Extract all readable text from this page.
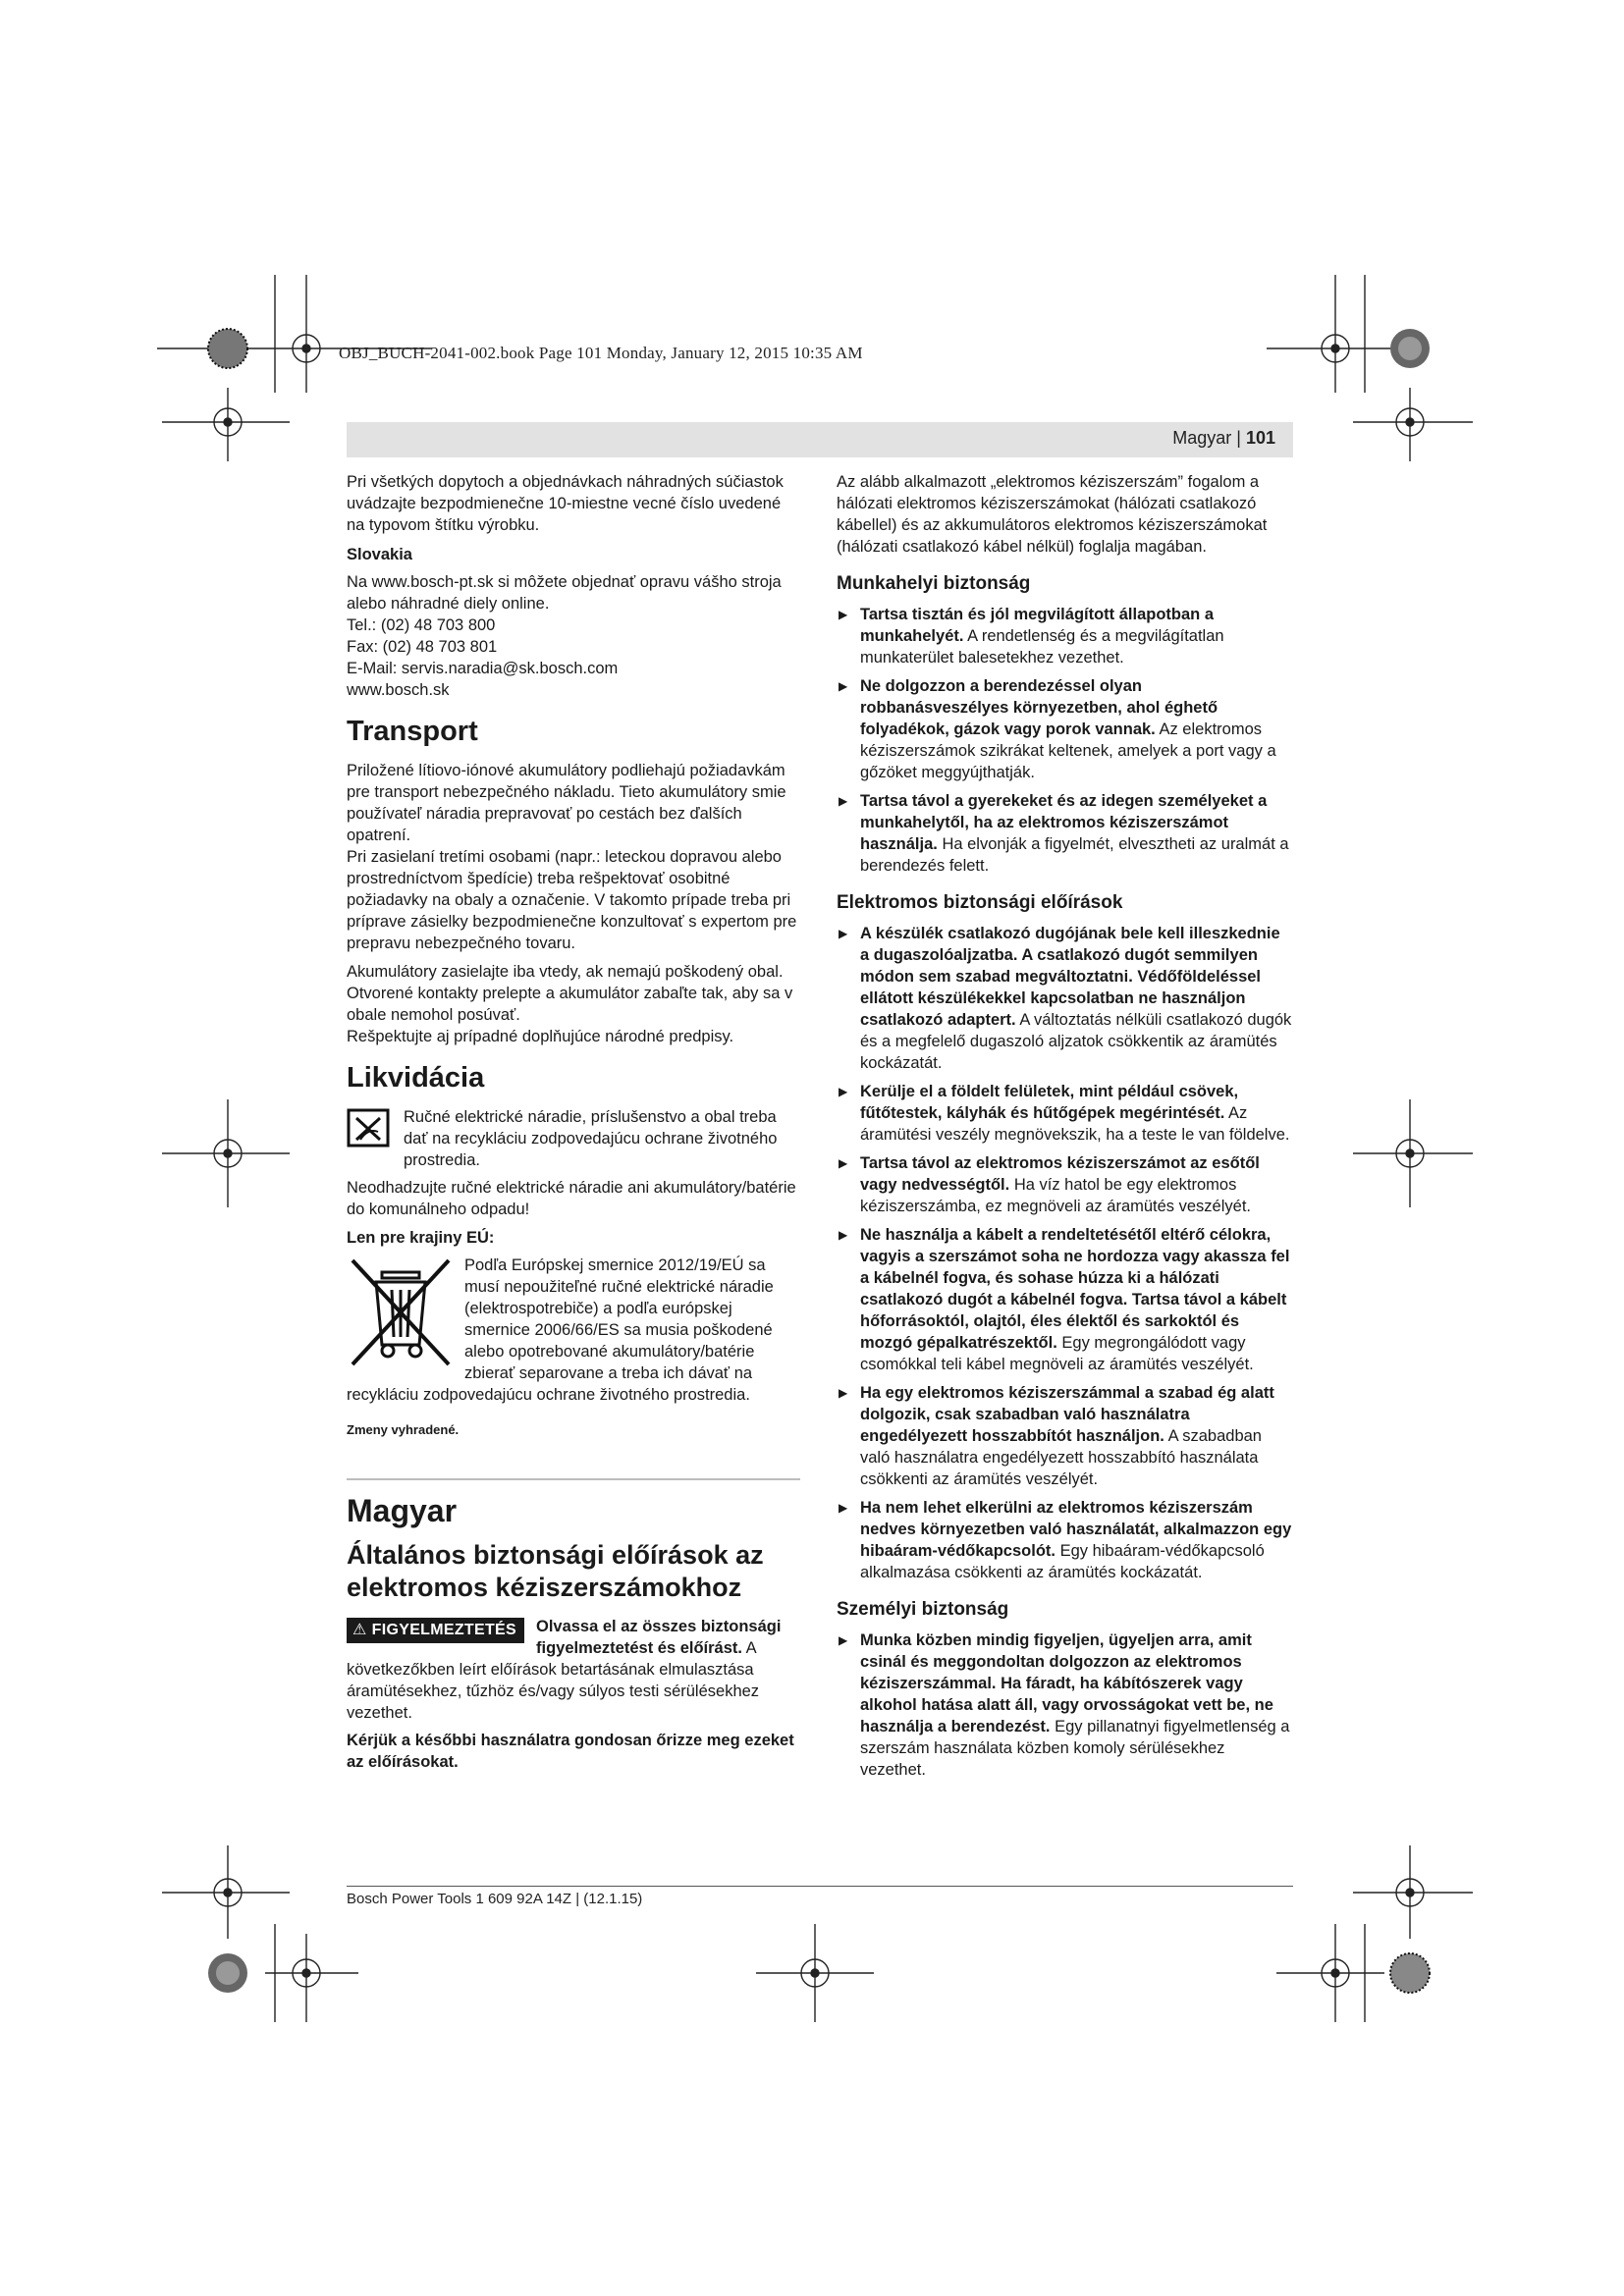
OBJ_BUCH-2041-002.book Page 101 Monday, January 12, 2015 10:35 AM
Magyar | 101

Pri všetkých dopytoch a objednávkach náhradných súčiastok uvádzajte bezpodmienečne 10-miestne vecné číslo uvedené na typovom štítku výrobku.

Slovakia
Na www.bosch-pt.sk si môžete objednať opravu vášho stroja alebo náhradné diely online.
Tel.: (02) 48 703 800
Fax: (02) 48 703 801
E-Mail: servis.naradia@sk.bosch.com
www.bosch.sk
Transport

Priložené lítiovo-iónové akumulátory podliehajú požiadavkám pre transport nebezpečného nákladu. Tieto akumulátory smie používateľ náradia prepravovať po cestách bez ďalších opatrení.

Pri zasielaní tretími osobami (napr.: leteckou dopravou alebo prostredníctvom špedície) treba rešpektovať osobitné požiadavky na obaly a označenie. V takomto prípade treba pri príprave zásielky bezpodmienečne konzultovať s expertom pre prepravu nebezpečného tovaru.

Akumulátory zasielajte iba vtedy, ak nemajú poškodený obal. Otvorené kontakty prelepte a akumulátor zabaľte tak, aby sa v obale nemohol posúvať.

Rešpektujte aj prípadné doplňujúce národné predpisy.

Likvidácia
Ručné elektrické náradie, príslušenstvo a obal treba dať na recykláciu zodpovedajúcu ochrane životného prostredia.

Neodhadzujte ručné elektrické náradie ani akumulátory/batérie do komunálneho odpadu!

Len pre krajiny EÚ:
Podľa Európskej smernice 2012/19/EÚ sa musí nepoužiteľné ručné elektrické náradie (elektrospotrebiče) a podľa európskej smernice 2006/66/ES sa musia poškodené alebo opotrebované akumulátory/batérie zbierať separovane a treba ich dávať na recykláciu zodpovedajúcu ochrane životného prostredia.
Zmeny vyhradené.
Magyar
Általános biztonsági előírások az elektromos kéziszerszámokhoz
⚠ FIGYELMEZTETÉS	Olvassa el az összes biztonsági figyelmeztetést és előírást. A következőkben leírt előírások betartásának elmulasztása áramütésekhez, tűzhöz és/vagy súlyos testi sérülésekhez vezethet.

Kérjük a későbbi használatra gondosan őrizze meg ezeket az előírásokat.

Az alább alkalmazott „elektromos kéziszerszám” fogalom a hálózati elektromos kéziszerszámokat (hálózati csatlakozó kábellel) és az akkumulátoros elektromos kéziszerszámokat (hálózati csatlakozó kábel nélkül) foglalja magában.

Munkahelyi biztonság
▶ Tartsa tisztán és jól megvilágított állapotban a munkahelyét. A rendetlenség és a megvilágítatlan munkaterület balesetekhez vezethet.
▶ Ne dolgozzon a berendezéssel olyan robbanásveszélyes környezetben, ahol éghető folyadékok, gázok vagy porok vannak. Az elektromos kéziszerszámok szikrákat keltenek, amelyek a port vagy a gőzöket meggyújthatják.
▶ Tartsa távol a gyerekeket és az idegen személyeket a munkahelytől, ha az elektromos kéziszerszámot használja. Ha elvonják a figyelmét, elvesztheti az uralmát a berendezés felett.
Elektromos biztonsági előírások
▶ A készülék csatlakozó dugójának bele kell illeszkednie a dugaszolóaljzatba. A csatlakozó dugót semmilyen módon sem szabad megváltoztatni. Védőföldeléssel ellátott készülékekkel kapcsolatban ne használjon csatlakozó adaptert. A változtatás nélküli csatlakozó dugók és a megfelelő dugaszoló aljzatok csökkentik az áramütés kockázatát.
▶ Kerülje el a földelt felületek, mint például csövek, fűtőtestek, kályhák és hűtőgépek megérintését. Az áramütési veszély megnövekszik, ha a teste le van földelve.
▶ Tartsa távol az elektromos kéziszerszámot az esőtől vagy nedvességtől. Ha víz hatol be egy elektromos kéziszerszámba, ez megnöveli az áramütés veszélyét.
▶ Ne használja a kábelt a rendeltetésétől eltérő célokra, vagyis a szerszámot soha ne hordozza vagy akassza fel a kábelnél fogva, és sohase húzza ki a hálózati csatlakozó dugót a kábelnél fogva. Tartsa távol a kábelt hőforrásoktól, olajtól, éles élektől és sarkoktól és mozgó gépalkatrészektől. Egy megrongálódott vagy csomókkal teli kábel megnöveli az áramütés veszélyét.
▶ Ha egy elektromos kéziszerszámmal a szabad ég alatt dolgozik, csak szabadban való használatra engedélyezett hosszabbítót használjon. A szabadban való használatra engedélyezett hosszabbító használata csökkenti az áramütés veszélyét.
▶ Ha nem lehet elkerülni az elektromos kéziszerszám nedves környezetben való használatát, alkalmazzon egy hibaáram-védőkapcsolót. Egy hibaáram-védőkapcsoló alkalmazása csökkenti az áramütés kockázatát.
Személyi biztonság
▶ Munka közben mindig figyeljen, ügyeljen arra, amit csinál és meggondoltan dolgozzon az elektromos kéziszerszámmal. Ha fáradt, ha kábítószerek vagy alkohol hatása alatt áll, vagy orvosságokat vett be, ne használja a berendezést. Egy pillanatnyi figyelmetlenség a szerszám használata közben komoly sérülésekhez vezethet.
Bosch Power Tools 1 609 92A 14Z | (12.1.15)
